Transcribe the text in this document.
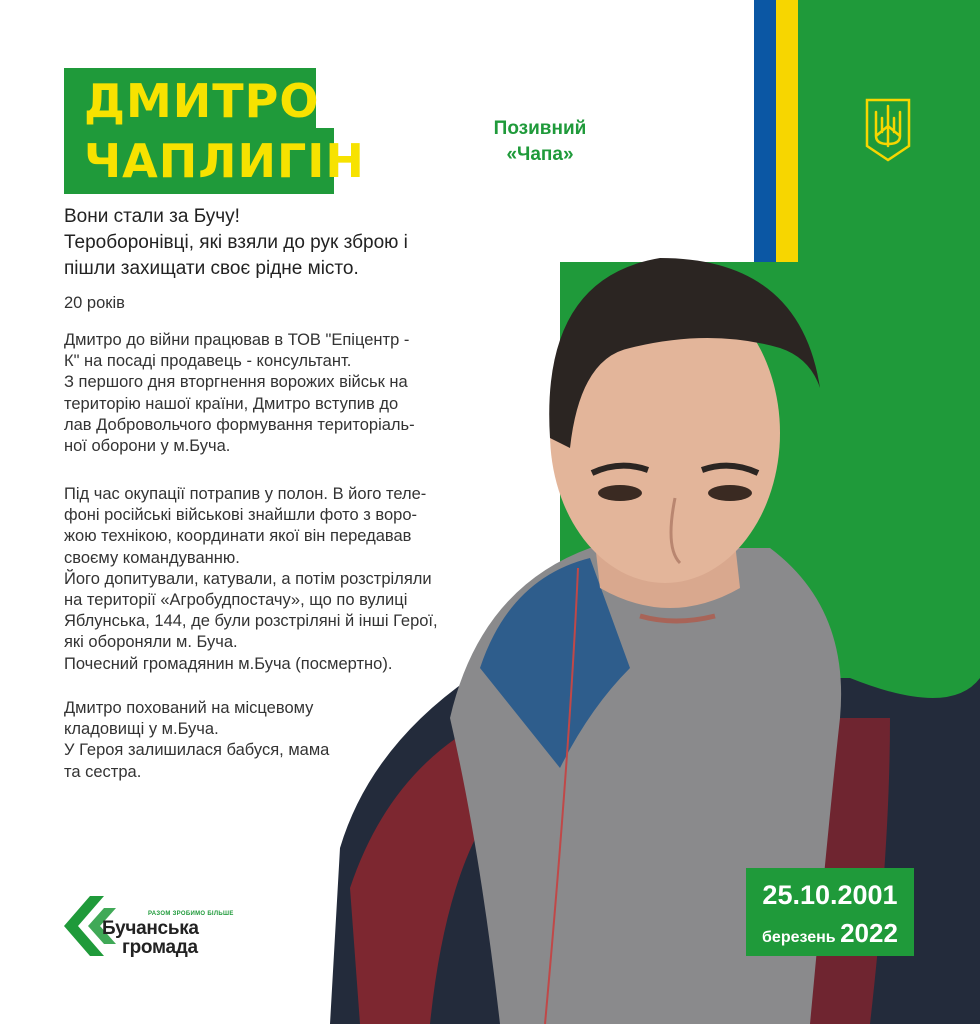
ДМИТРО
ЧАПЛИГІН
Позивний
«Чапа»
Вони стали за Бучу!
Тероборонівці, які взяли до рук зброю і
пішли захищати своє рідне місто.
20 років
Дмитро до війни працював в ТОВ "Епіцентр -
К" на посаді продавець - консультант.
З першого дня вторгнення ворожих військ на
територію нашої країни, Дмитро вступив до
лав Добровольчого формування територіаль-
ної оборони у м.Буча.
Під час окупації потрапив у полон. В його теле-
фоні російські військові знайшли фото з воро-
жою технікою, координати якої він передавав
своєму командуванню.
Його допитували, катували, а потім розстріляли
на території «Агробудпостачу», що по вулиці
Яблунська, 144, де були розстріляні й інші Герої,
які обороняли м. Буча.
Почесний громадянин м.Буча (посмертно).
Дмитро похований на місцевому
кладовищі у м.Буча.
У Героя залишилася бабуся, мама
та сестра.
25.10.2001
березень 2022
РАЗОМ ЗРОБИМО БІЛЬШЕ
Бучанська
громада
